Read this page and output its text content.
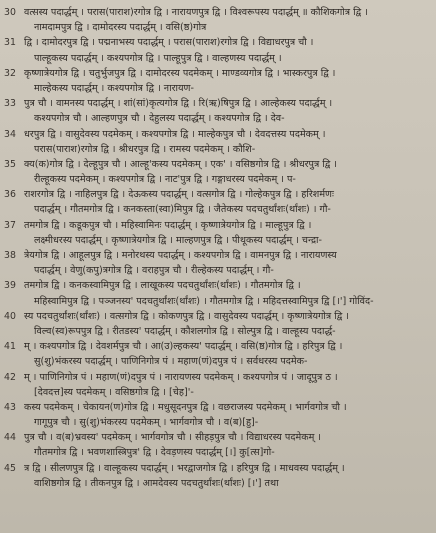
30 वत्सस्य पदार्द्धम् । परास(पाराश)रगोत्र द्वि । नारायणपुत्र द्वि । विश्वरूपस्य पदार्द्धम् ॥ कौशिकगोत्र द्वि ।
नामदामपुत्र द्वि । दामोदरस्य पदार्द्धम् । वसि(ष्ठ)गोत्र
31 द्वि । दामोदरपुत्र द्वि । पद्मनाभस्य पदार्द्धम् । परास(पाराश)रगोत्र द्वि । विद्याधरपुत्र चौ ।
पाल्हूकस्य पदार्द्धम् । कश्यपगोत्र द्वि । पाल्हूपुत्र द्वि । वाल्हणस्य पदार्द्धम् ।
32 कृष्णात्रेयगोत्र द्वि । चतुर्भुजपुत्र द्वि । दामोदरस्य पदमेकम् । माण्डव्यगोत्र द्वि । भास्करपुत्र द्वि ।
माल्हेकस्य पदार्द्धम् । कश्यपगोत्र द्वि । नारायण-
33 पुत्र चौ । वामनस्य पदार्द्धम् । शां(सां)कृत्यगोत्र द्वि । रि(ऋ)षिपुत्र द्वि । आल्हेकस्य पदार्द्धम् ।
कश्यपगोत्र चौ । आल्हणपुत्र चौ । देहुलस्य पदार्द्धम् । कश्यपगोत्र द्वि । देव-
34 धरपुत्र द्वि । वासुदेवस्य पदमेकम् । कश्यपगोत्र द्वि । माल्हेकपुत्र चौ । देवदत्तस्य पदमेकम् ।
परास(पाराश)रगोत्र द्वि । श्रीधरपुत्र द्वि । रामस्य पदमेकम् । कौशि-
35 क्य(क)गोत्र द्वि । देल्हूपुत्र चौ । आल्हू'कस्य पदमेकम् । एक' । वसिष्ठगोत्र द्वि । श्रीधरपुत्र द्वि ।
रील्हूकस्य पदमेकम् । कश्यपगोत्र द्वि । नाट'पुत्र द्वि । गङ्गाधरस्य पदमेकम् । प-
36 राशरगोत्र द्वि । नाहिलपुत्र द्वि । देऊकस्य पदार्द्धम् । वत्सगोत्र द्वि । गोल्हेकपुत्र द्वि । हरिशर्मणः
पदार्द्धम् । गौतमगोत्र द्वि । कनकस्ता(स्वा)मिपुत्र द्वि । जैतेकस्य पदचतुर्थांशः(र्थांशः) । गौ-
37 तमगोत्र द्वि । कडूकपुत्र चौ । महिस्वामिनः पदार्द्धम् । कृष्णात्रेयगोत्र द्वि । माल्हूपुत्र द्वि ।
लक्ष्मीधरस्य पदार्द्धम् । कृष्णात्रेयगोत्र द्वि । माल्हणपुत्र द्वि । पीथूकस्य पदार्द्धम् । चन्द्रा-
38 त्रेयगोत्र द्वि । आहूलपुत्र द्वि । मनोरथस्य पदार्द्धम् । कश्यपगोत्र द्वि । वामनपुत्र द्वि । नारायणस्य
पदार्द्धम् । वेणु(कपु)त्रगोत्र द्वि । वराहपुत्र चौ । रील्हेकस्य पदार्द्धम् । गौ-
39 तमगोत्र द्वि । कनकस्वामिपुत्र द्वि । लाखूकस्य पदचतुर्थांशः(र्थांशः) । गौतमगोत्र द्वि ।
महिस्वामिपुत्र द्वि । पञ्जनस्य' पदचतुर्थांशः(र्थांशः) । गौतमगोत्र द्वि । महिदत्तस्वामिपुत्र द्वि [।'] गोविंद-
40 स्य पदचतुर्थांशः(र्थांशः) । वत्सगोत्र द्वि । कोकणपुत्र द्वि । वासुदेवस्य पदार्द्धम् । कृष्णात्रेयगोत्र द्वि ।
विल्व(स्व)रूपपुत्र द्वि । रीतडस्य' पदार्द्धम् । कौशलगोत्र द्वि । सोल्पुत्र द्वि । वाल्हूस्य पदार्द्ध-
41 म् । कश्यपगोत्र द्वि । देवशर्मपुत्र चौ । आ(उ)ल्हकस्य' पदार्द्धम् । वसि(ष्ठ)गोत्र द्वि । हरिपुत्र द्वि ।
सु(शु)भंकरस्य पदार्द्धम् । पाणिनिगोत्र पं । महाण(णं)दपुत्र पं । सर्वधरस्य पदमेक-
42 म् । पाणिनिगोत्र पं । महाण(णं)दपुत्र पं । नारायणस्य पदमेकम् । कश्यपगोत्र पं । जादूपुत्र ठ ।
[देवदत्त]स्य पदमेकम् । वसिष्ठगोत्र द्वि । [चेह]'-
43 कस्य पदमेकम् । चेकायन(ण)गोत्र द्वि । मधुसूदनपुत्र द्वि । वछराजस्य पदमेकम् । भार्गवगोत्र चौ ।
गागूपुत्र चौ । सु(शु)भंकरस्य पदमेकम् । भार्गवगोत्र चौ । व(ब)[हु]-
44 पुत्र चौ । व(ब)भ्रवस्य' पदमेकम् । भार्गवगोत्र चौ । सीहड़पुत्र चौ । विद्याधरस्य पदमेकम् ।
गौतमगोत्र द्वि । भवणशास्त्रिपुत्र' द्वि । देवड़णस्य पदार्द्धम् [।] कु[त्स]गो-
45 त्र द्वि । सीलणपुत्र द्वि । वाल्हूकस्य पदार्द्धम् । भरद्वाजगोत्र द्वि । हरिपुत्र द्वि । माधवस्य पदार्द्धम् ।
वाशिष्ठगोत्र द्वि । तीकनपुत्र द्वि । आमदेवस्य पदचतुर्थांशः(र्थांशः) [।'] तथा
